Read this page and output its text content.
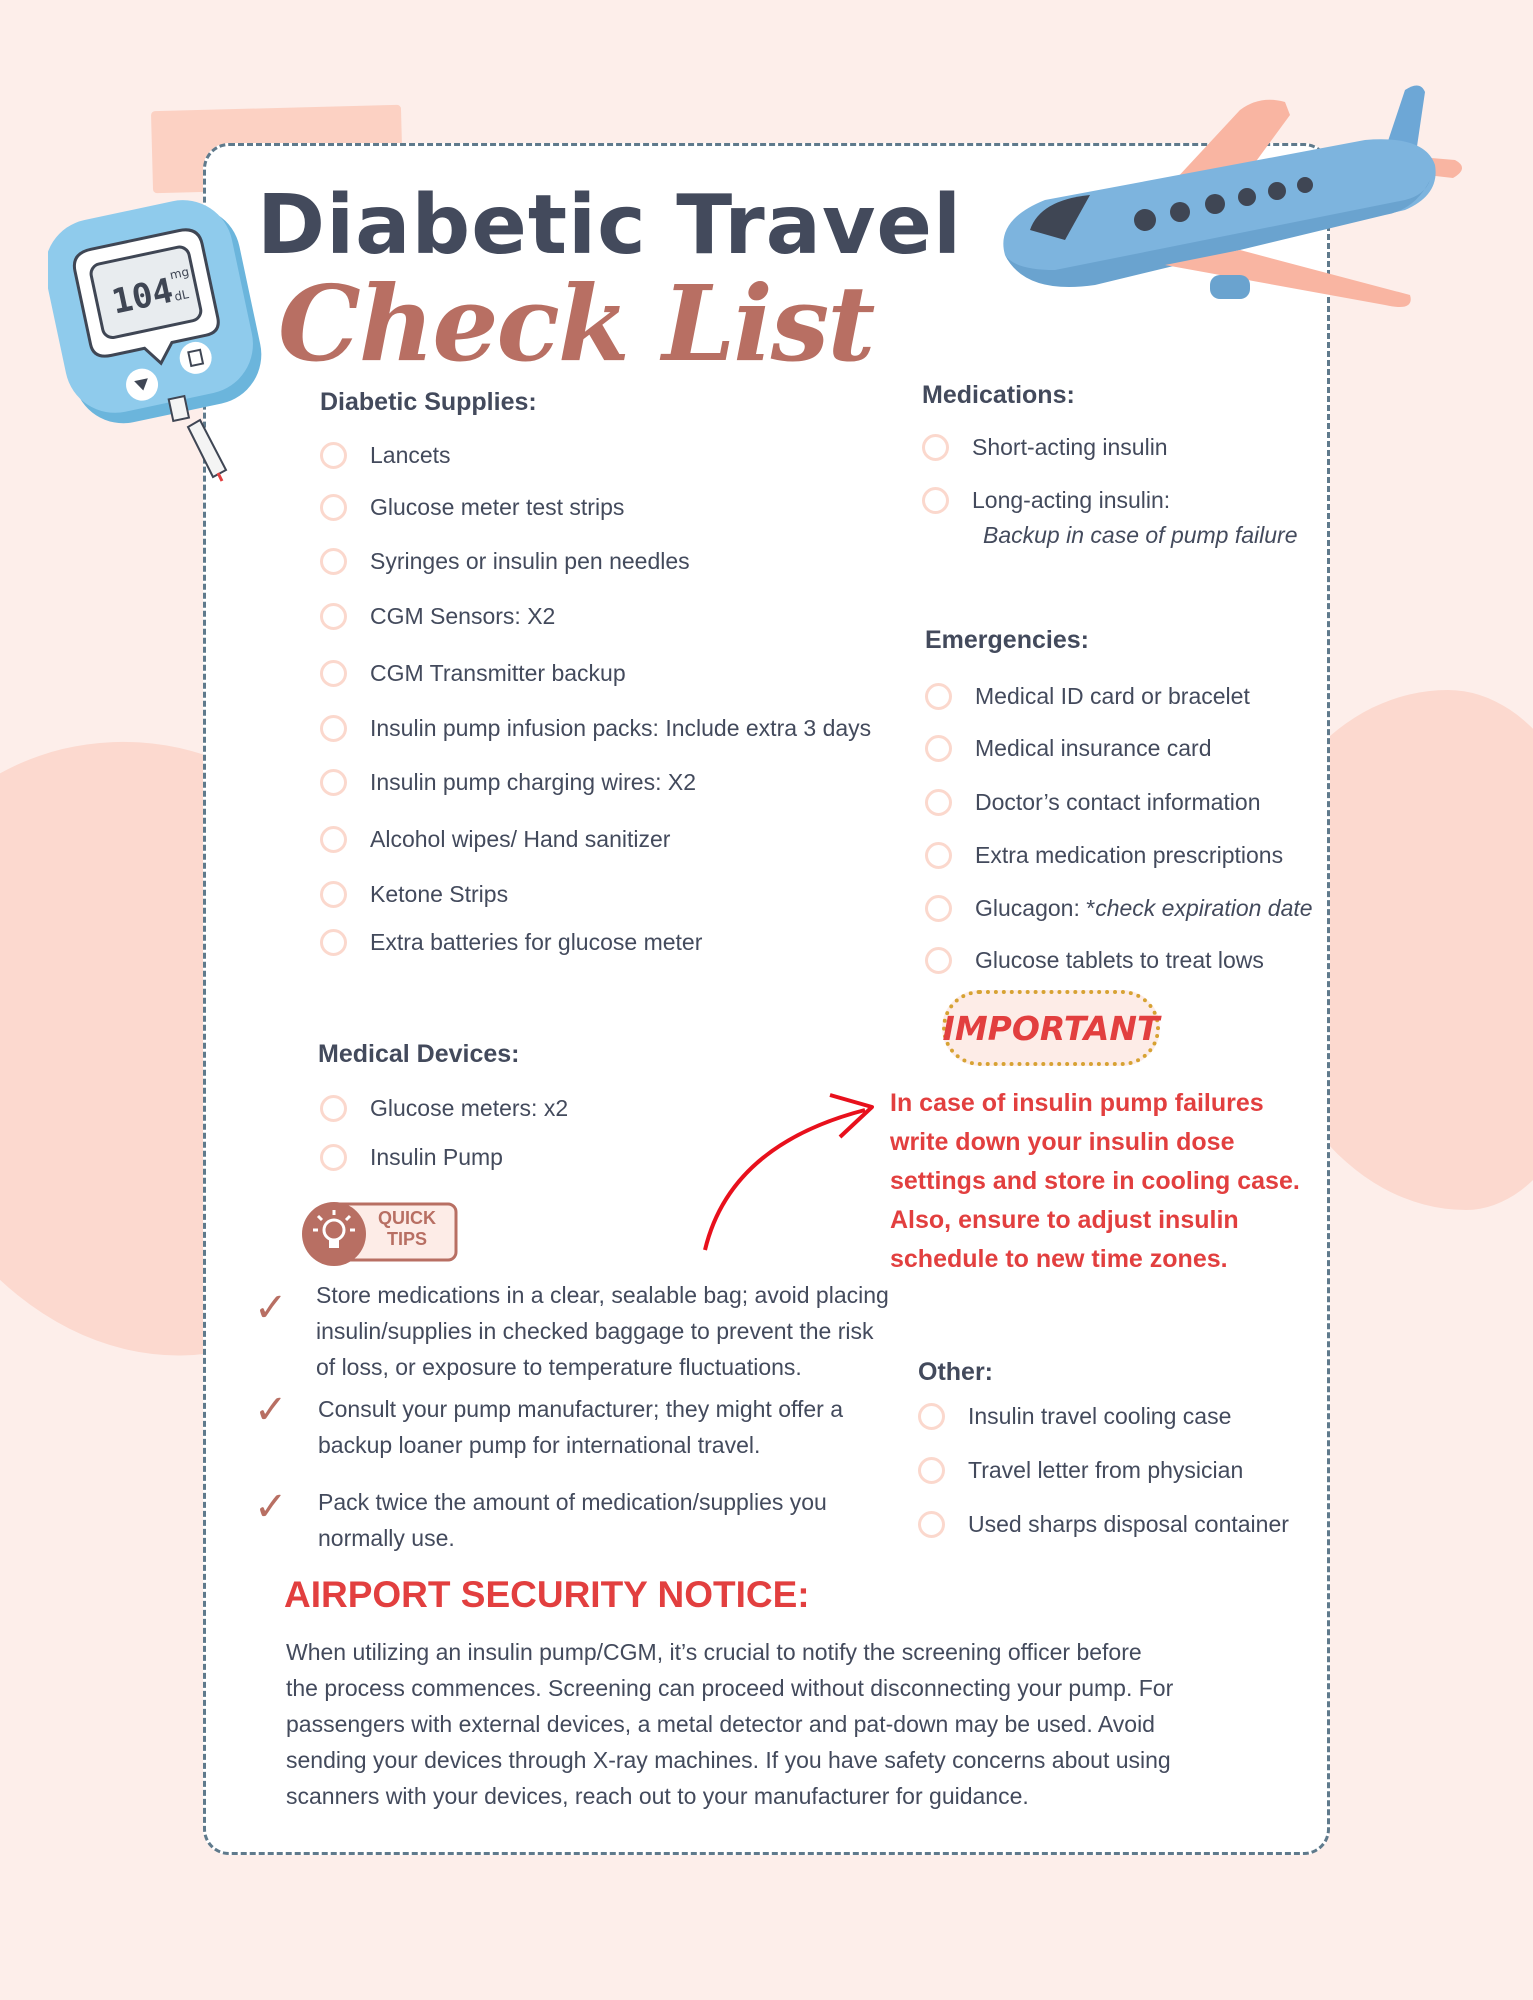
104
mg
dL
Diabetic Travel
Check List
Diabetic Supplies:
Lancets
Glucose meter test strips
Syringes or insulin pen needles
CGM Sensors: X2
CGM Transmitter backup
Insulin pump infusion packs: Include extra 3 days
Insulin pump charging wires: X2
Alcohol wipes/ Hand sanitizer
Ketone Strips
Extra batteries for glucose meter
Medications:
Short-acting insulin
Long-acting insulin:
Backup in case of pump failure
Emergencies:
Medical ID card or bracelet
Medical insurance card
Doctor’s contact information
Extra medication prescriptions
Glucagon: * check expiration date
Glucose tablets to treat lows
IMPORTANT
In case of insulin pump failures
write down your insulin dose
settings and store in cooling case.
Also, ensure to adjust insulin
schedule to new time zones.
Medical Devices:
Glucose meters: x2
Insulin Pump
QUICK
TIPS
✓ Store medications in a clear, sealable bag; avoid placing
insulin/supplies in checked baggage to prevent the risk
of loss, or exposure to temperature fluctuations.
✓ Consult your pump manufacturer; they might offer a
backup loaner pump for international travel.
✓ Pack twice the amount of medication/supplies you
normally use.
Other:
Insulin travel cooling case
Travel letter from physician
Used sharps disposal container
AIRPORT SECURITY NOTICE:
When utilizing an insulin pump/CGM, it’s crucial to notify the screening officer before
the process commences. Screening can proceed without disconnecting your pump. For
passengers with external devices, a metal detector and pat-down may be used. Avoid
sending your devices through X-ray machines. If you have safety concerns about using
scanners with your devices, reach out to your manufacturer for guidance.
